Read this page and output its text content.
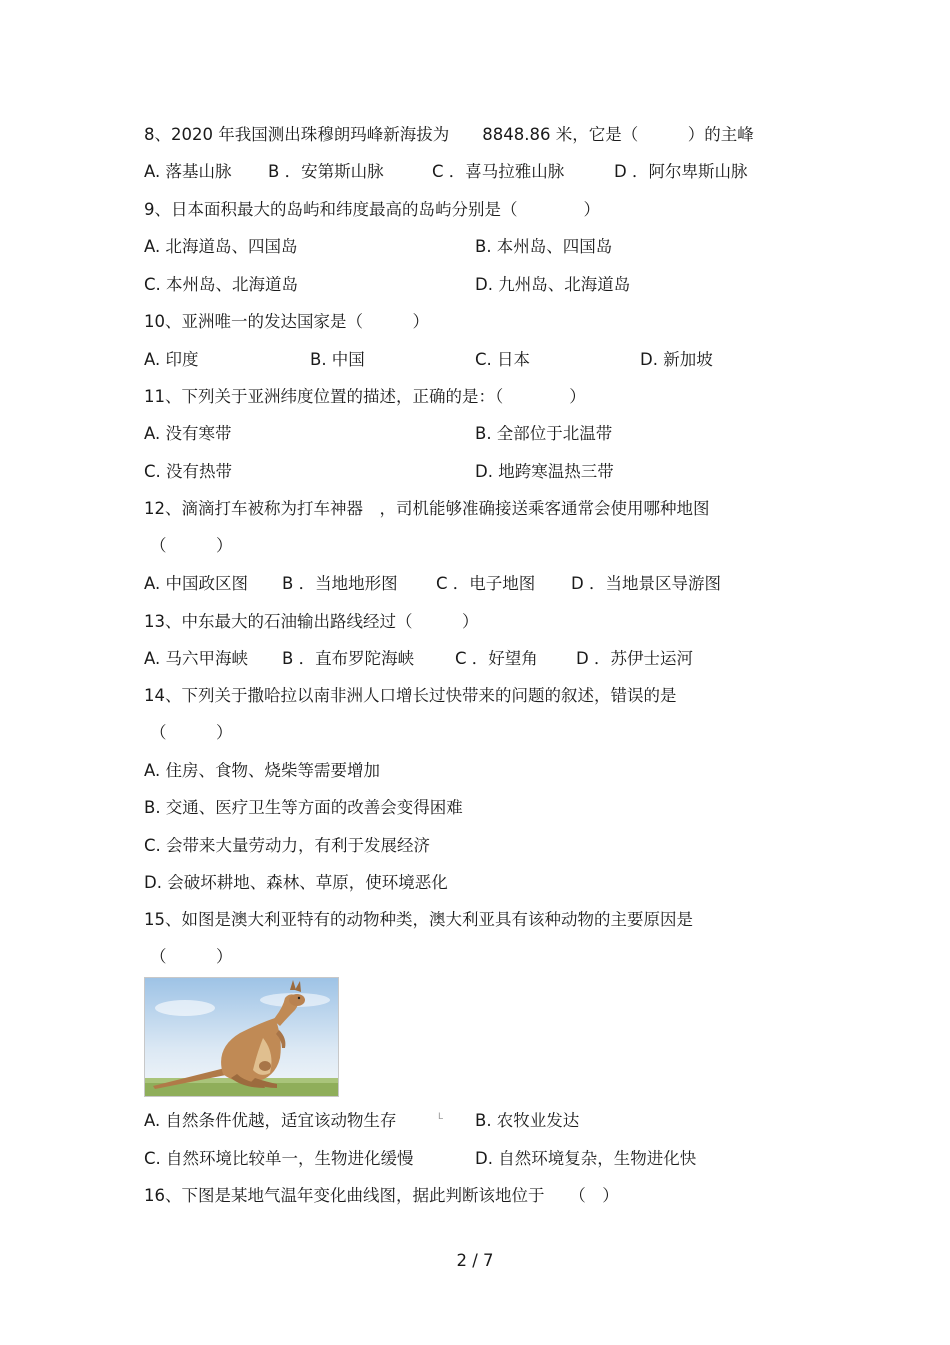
8、2020 年我国测出珠穆朗玛峰新海拔为　　8848.86 米，它是（　　　）的主峰
A. 落基山脉 B ．安第斯山脉	C ．喜马拉雅山脉	D ．阿尔卑斯山脉
9、日本面积最大的岛屿和纬度最高的岛屿分别是（　　　　）
A. 北海道岛、四国岛	B. 本州岛、四国岛
C. 本州岛、北海道岛	D. 九州岛、北海道岛
10、亚洲唯一的发达国家是（　　　）
A. 印度	B. 中国	C. 日本	D. 新加坡
11、下列关于亚洲纬度位置的描述，正确的是：（　　　　）
A. 没有寒带	B. 全部位于北温带
C. 没有热带	D. 地跨寒温热三带
12、滴滴打车被称为打车神器　，司机能够准确接送乘客通常会使用哪种地图
（　　　）
A. 中国政区图 B ．当地地形图 C ．电子地图 D ．当地景区导游图
13、中东最大的石油输出路线经过（　　　）
A. 马六甲海峡 B ．直布罗陀海峡 C ．好望角 D ．苏伊士运河
14、下列关于撒哈拉以南非洲人口增长过快带来的问题的叙述，错误的是
（　　　）
A. 住房、食物、烧柴等需要增加
B. 交通、医疗卫生等方面的改善会变得困难
C. 会带来大量劳动力，有利于发展经济
D. 会破坏耕地、森林、草原，使环境恶化
15、如图是澳大利亚特有的动物种类，澳大利亚具有该种动物的主要原因是
（　　　）
L
A. 自然条件优越，适宜该动物生存	B. 农牧业发达
C. 自然环境比较单一，生物进化缓慢	D. 自然环境复杂，生物进化快
16、下图是某地气温年变化曲线图，据此判断该地位于　　（　）
2 / 7
